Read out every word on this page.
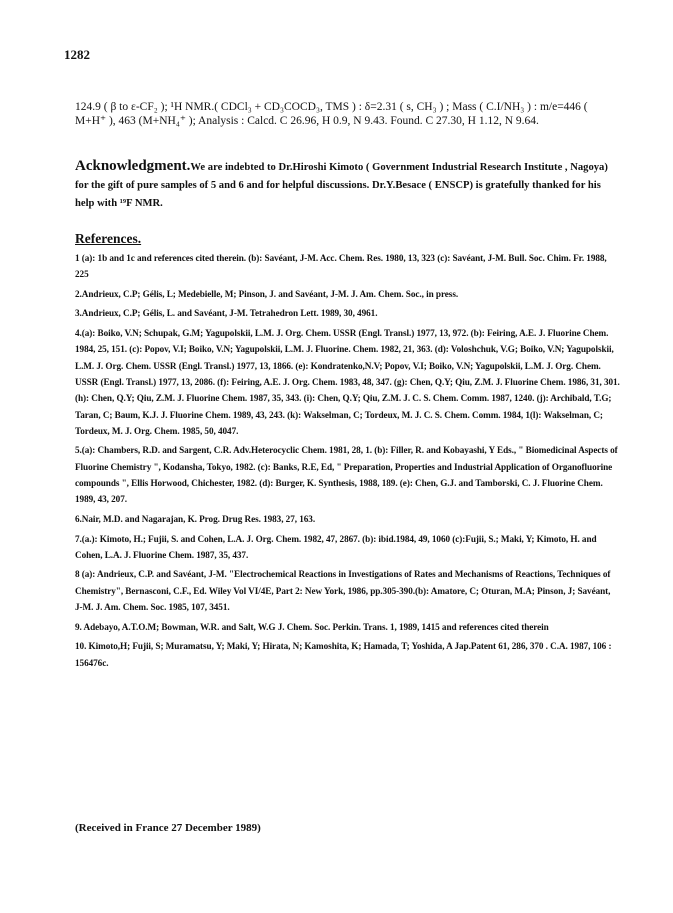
1282
124.9 ( β to ε-CF₂ ); ¹H NMR.( CDCl₃ + CD₃COCD₃, TMS ) : δ=2.31 ( s, CH₃ ) ; Mass ( C.I/NH₃ ) : m/e=446 ( M+H⁺ ), 463 (M+NH₄⁺ ); Analysis : Calcd. C 26.96, H 0.9, N 9.43. Found. C 27.30, H 1.12, N 9.64.
Acknowledgment.We are indebted to Dr.Hiroshi Kimoto ( Government Industrial Research Institute , Nagoya) for the gift of pure samples of 5 and 6 and for helpful discussions. Dr.Y.Besace ( ENSCP) is gratefully thanked for his help with ¹⁹F NMR.
References.

1 (a): 1b and 1c and references cited therein. (b): Savéant, J-M. Acc. Chem. Res. 1980, 13, 323 (c): Savéant, J-M. Bull. Soc. Chim. Fr. 1988, 225

2.Andrieux, C.P; Gélis, L; Medebielle, M; Pinson, J. and Savéant, J-M. J. Am. Chem. Soc., in press.

3.Andrieux, C.P; Gélis, L. and Savéant, J-M. Tetrahedron Lett. 1989, 30, 4961.

4.(a): Boiko, V.N; Schupak, G.M; Yagupolskii, L.M. J. Org. Chem. USSR (Engl. Transl.) 1977, 13, 972. (b): Feiring, A.E. J. Fluorine Chem. 1984, 25, 151. (c): Popov, V.I; Boiko, V.N; Yagupolskii, L.M. J. Fluorine. Chem. 1982, 21, 363. (d): Voloshchuk, V.G; Boiko, V.N; Yagupolskii, L.M. J. Org. Chem. USSR (Engl. Transl.) 1977, 13, 1866. (e): Kondratenko,N.V; Popov, V.I; Boiko, V.N; Yagupolskii, L.M. J. Org. Chem. USSR (Engl. Transl.) 1977, 13, 2086. (f): Feiring, A.E. J. Org. Chem. 1983, 48, 347. (g): Chen, Q.Y; Qiu, Z.M. J. Fluorine Chem. 1986, 31, 301. (h): Chen, Q.Y; Qiu, Z.M. J. Fluorine Chem. 1987, 35, 343. (i): Chen, Q.Y; Qiu, Z.M. J. C. S. Chem. Comm. 1987, 1240. (j): Archibald, T.G; Taran, C; Baum, K.J. J. Fluorine Chem. 1989, 43, 243. (k): Wakselman, C; Tordeux, M. J. C. S. Chem. Comm. 1984, 1(l): Wakselman, C; Tordeux, M. J. Org. Chem. 1985, 50, 4047.

5.(a): Chambers, R.D. and Sargent, C.R. Adv.Heterocyclic Chem. 1981, 28, 1. (b): Filler, R. and Kobayashi, Y Eds., " Biomedicinal Aspects of Fluorine Chemistry ", Kodansha, Tokyo, 1982. (c): Banks, R.E, Ed, " Preparation, Properties and Industrial Application of Organofluorine compounds ", Ellis Horwood, Chichester, 1982. (d): Burger, K. Synthesis, 1988, 189. (e): Chen, G.J. and Tamborski, C. J. Fluorine Chem. 1989, 43, 207.

6.Nair, M.D. and Nagarajan, K. Prog. Drug Res. 1983, 27, 163.

7.(a.): Kimoto, H.; Fujii, S. and Cohen, L.A. J. Org. Chem. 1982, 47, 2867. (b): ibid.1984, 49, 1060 (c):Fujii, S.; Maki, Y; Kimoto, H. and Cohen, L.A. J. Fluorine Chem. 1987, 35, 437.

8 (a): Andrieux, C.P. and Savéant, J-M. "Electrochemical Reactions in Investigations of Rates and Mechanisms of Reactions, Techniques of Chemistry", Bernasconi, C.F., Ed. Wiley Vol VI/4E, Part 2: New York, 1986, pp.305-390.(b): Amatore, C; Oturan, M.A; Pinson, J; Savéant, J-M. J. Am. Chem. Soc. 1985, 107, 3451.

9. Adebayo, A.T.O.M; Bowman, W.R. and Salt, W.G J. Chem. Soc. Perkin. Trans. 1, 1989, 1415 and references cited therein

10. Kimoto,H; Fujii, S; Muramatsu, Y; Maki, Y; Hirata, N; Kamoshita, K; Hamada, T; Yoshida, A Jap.Patent 61, 286, 370 . C.A. 1987, 106 : 156476c.

(Received in France 27 December 1989)
